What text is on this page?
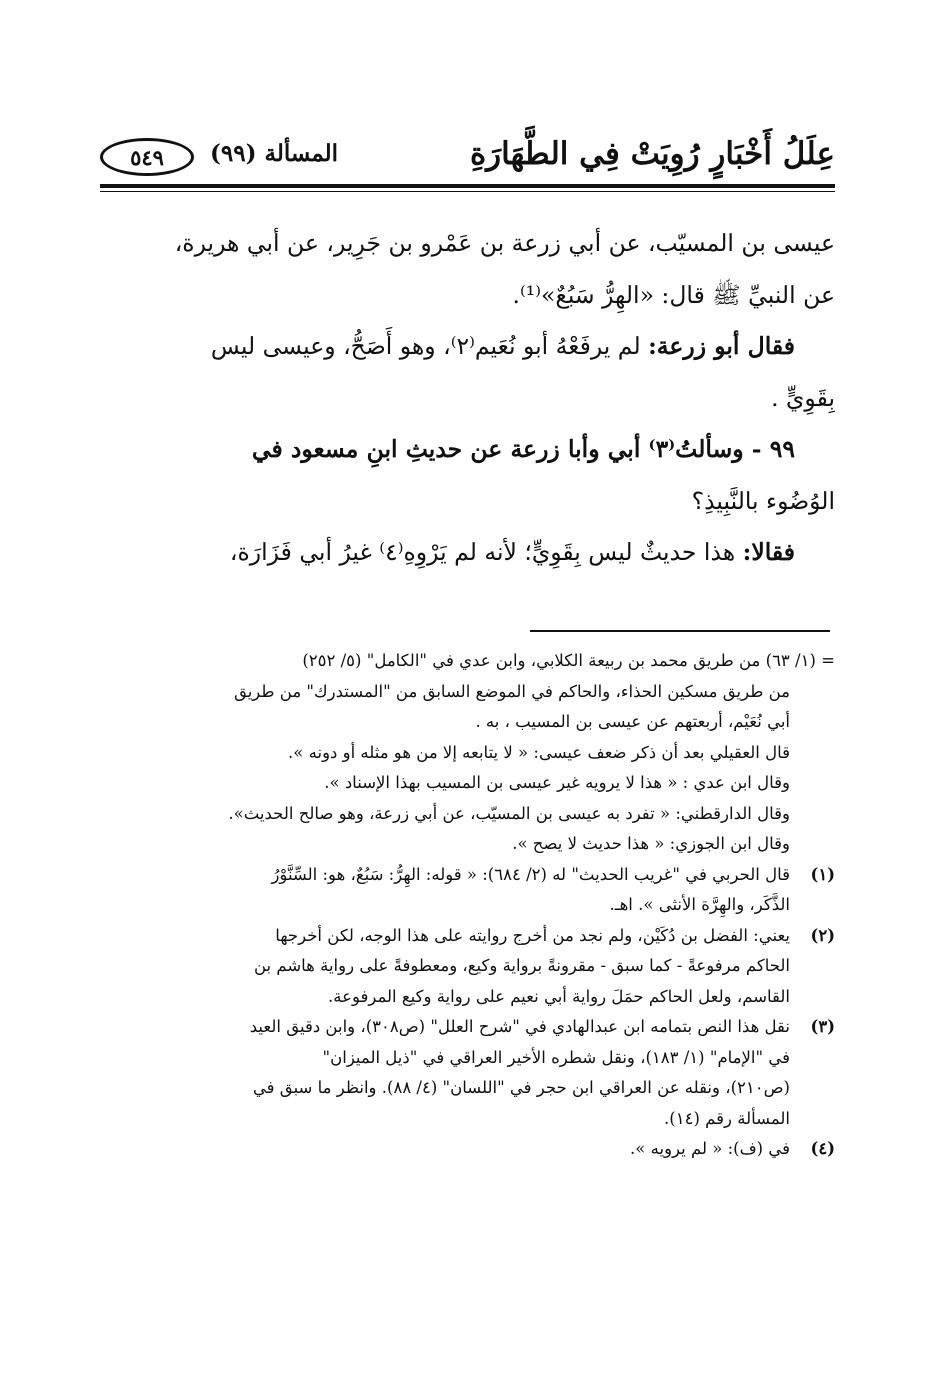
عِلَلُ أَخْبَارٍ رُوِيَتْ فِي الطَّهَارَةِ
المسألة (٩٩)
٥٤٩

عيسى بن المسيّب، عن أبي زرعة بن عَمْرو بن جَرِير، عن أبي هريرة،

عن النبيِّ ﷺ قال: «الهِرُّ سَبُعٌ»⁽¹⁾.

فقال أبو زرعة: لم يرفَعْهُ أبو نُعَيم⁽٢⁾، وهو أَصَحُّ، وعيسى ليس

بِقَوِيٍّ .

٩٩ - وسألتُ⁽٣⁾ أبي وأبا زرعة عن حديثِ ابنِ مسعود في

الوُضُوء بالنَّبِيذِ؟

فقالا: هذا حديثٌ ليس بِقَوِيٍّ؛ لأنه لم يَرْوِهِ⁽٤⁾ غيرُ أبي فَزَارَة،

= (١/ ٦٣) من طريق محمد بن ربيعة الكلابي، وابن عدي في "الكامل" (٥/ ٢٥٢)

من طريق مسكين الحذاء، والحاكم في الموضع السابق من "المستدرك" من طريق

أبي نُعَيْم، أربعتهم عن عيسى بن المسيب ، به .

قال العقيلي بعد أن ذكر ضعف عيسى: « لا يتابعه إلا من هو مثله أو دونه ».

وقال ابن عدي : « هذا لا يرويه غير عيسى بن المسيب بهذا الإسناد ».

وقال الدارقطني: « تفرد به عيسى بن المسيّب، عن أبي زرعة، وهو صالح الحديث».

وقال ابن الجوزي: « هذا حديث لا يصح ».

(١)قال الحربي في "غريب الحديث" له (٢/ ٦٨٤): « قوله: الهِرُّ: سَبُعٌ، هو: السِّنَّوْرُ

الذَّكَر، والهِرَّة الأنثى ». اهـ.

(٢)يعني: الفضل بن دُكَيْن، ولم نجد من أخرج روايته على هذا الوجه، لكن أخرجها

الحاكم مرفوعةً - كما سبق - مقرونةً برواية وكيع، ومعطوفةً على رواية هاشم بن

القاسم، ولعل الحاكم حمَلَ رواية أبي نعيم على رواية وكيع المرفوعة.

(٣)نقل هذا النص بتمامه ابن عبدالهادي في "شرح العلل" (ص٣٠٨)، وابن دقيق العيد

في "الإمام" (١/ ١٨٣)، ونقل شطره الأخير العراقي في "ذيل الميزان"

(ص٢١٠)، ونقله عن العراقي ابن حجر في "اللسان" (٤/ ٨٨). وانظر ما سبق في

المسألة رقم (١٤).

(٤)في (ف): « لم يرويه ».
